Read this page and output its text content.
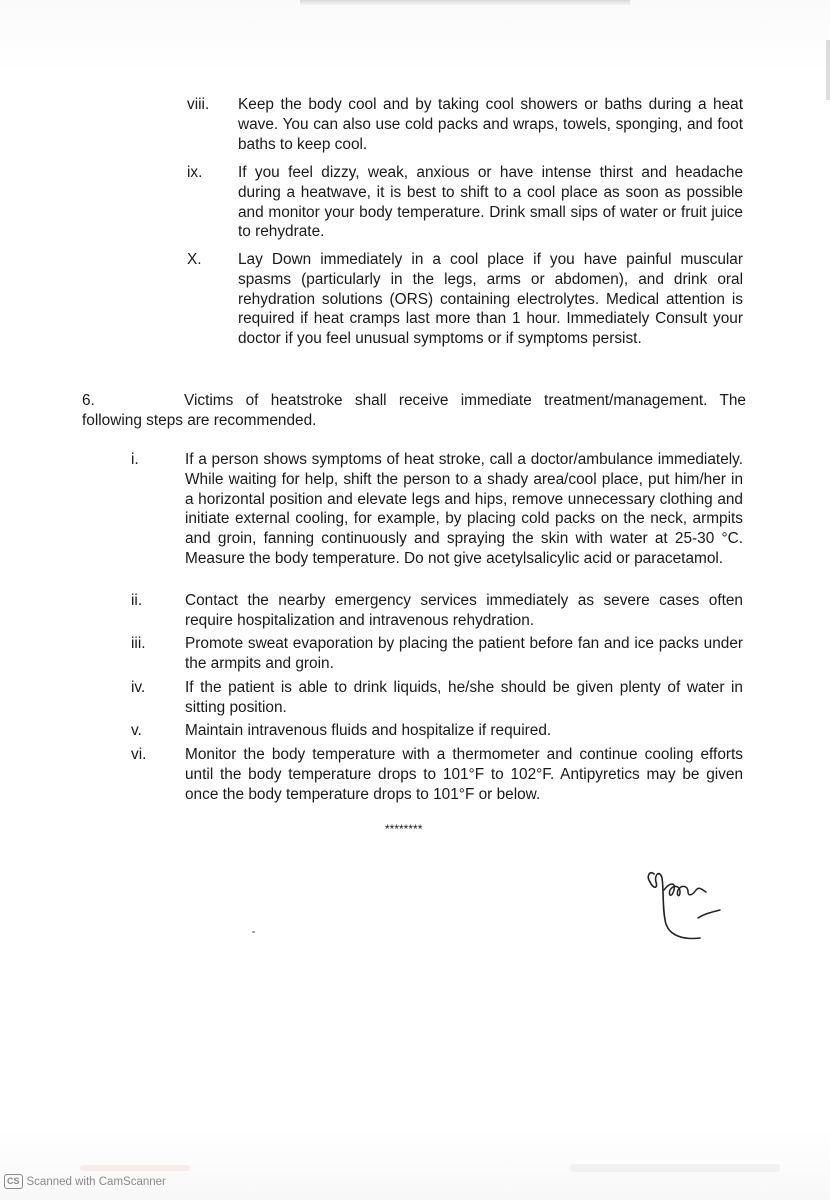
viii. Keep the body cool and by taking cool showers or baths during a heat wave. You can also use cold packs and wraps, towels, sponging, and foot baths to keep cool.
ix. If you feel dizzy, weak, anxious or have intense thirst and headache during a heatwave, it is best to shift to a cool place as soon as possible and monitor your body temperature. Drink small sips of water or fruit juice to rehydrate.
X. Lay Down immediately in a cool place if you have painful muscular spasms (particularly in the legs, arms or abdomen), and drink oral rehydration solutions (ORS) containing electrolytes. Medical attention is required if heat cramps last more than 1 hour. Immediately Consult your doctor if you feel unusual symptoms or if symptoms persist.
6.	Victims of heatstroke shall receive immediate treatment/management. The following steps are recommended.
i.	If a person shows symptoms of heat stroke, call a doctor/ambulance immediately. While waiting for help, shift the person to a shady area/cool place, put him/her in a horizontal position and elevate legs and hips, remove unnecessary clothing and initiate external cooling, for example, by placing cold packs on the neck, armpits and groin, fanning continuously and spraying the skin with water at 25-30 °C. Measure the body temperature. Do not give acetylsalicylic acid or paracetamol.
ii.	Contact the nearby emergency services immediately as severe cases often require hospitalization and intravenous rehydration.
iii.	Promote sweat evaporation by placing the patient before fan and ice packs under the armpits and groin.
iv.	If the patient is able to drink liquids, he/she should be given plenty of water in sitting position.
v.	Maintain intravenous fluids and hospitalize if required.
vi.	Monitor the body temperature with a thermometer and continue cooling efforts until the body temperature drops to 101°F to 102°F. Antipyretics may be given once the body temperature drops to 101°F or below.
********
CS Scanned with CamScanner
